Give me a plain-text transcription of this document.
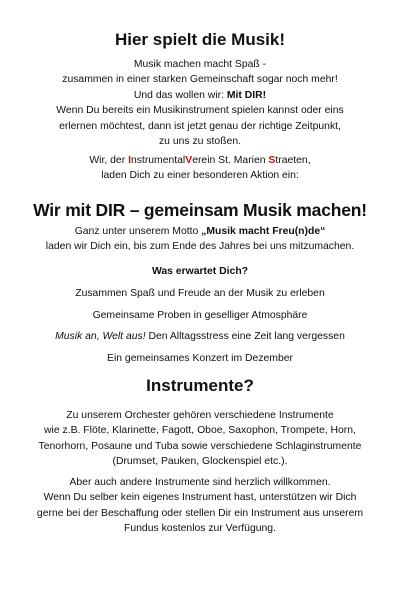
Hier spielt die Musik!
Musik machen macht Spaß -
zusammen in einer starken Gemeinschaft sogar noch mehr!
Und das wollen wir: Mit DIR!
Wenn Du bereits ein Musikinstrument spielen kannst oder eins
erlernen möchtest, dann ist jetzt genau der richtige Zeitpunkt,
zu uns zu stoßen.
Wir, der InstrumentalVerein St. Marien Straeten,
laden Dich zu einer besonderen Aktion ein:
Wir mit DIR – gemeinsam Musik machen!
Ganz unter unserem Motto „Musik macht Freu(n)de“
laden wir Dich ein, bis zum Ende des Jahres bei uns mitzumachen.
Was erwartet Dich?
Zusammen Spaß und Freude an der Musik zu erleben
Gemeinsame Proben in geselliger Atmosphäre
Musik an, Welt aus! Den Alltagsstress eine Zeit lang vergessen
Ein gemeinsames Konzert im Dezember
Instrumente?
Zu unserem Orchester gehören verschiedene Instrumente
wie z.B. Flöte, Klarinette, Fagott, Oboe, Saxophon, Trompete, Horn,
Tenorhorn, Posaune und Tuba sowie verschiedene Schlaginstrumente
(Drumset, Pauken, Glockenspiel etc.).
Aber auch andere Instrumente sind herzlich willkommen.
Wenn Du selber kein eigenes Instrument hast, unterstützen wir Dich
gerne bei der Beschaffung oder stellen Dir ein Instrument aus unserem
Fundus kostenlos zur Verfügung.
